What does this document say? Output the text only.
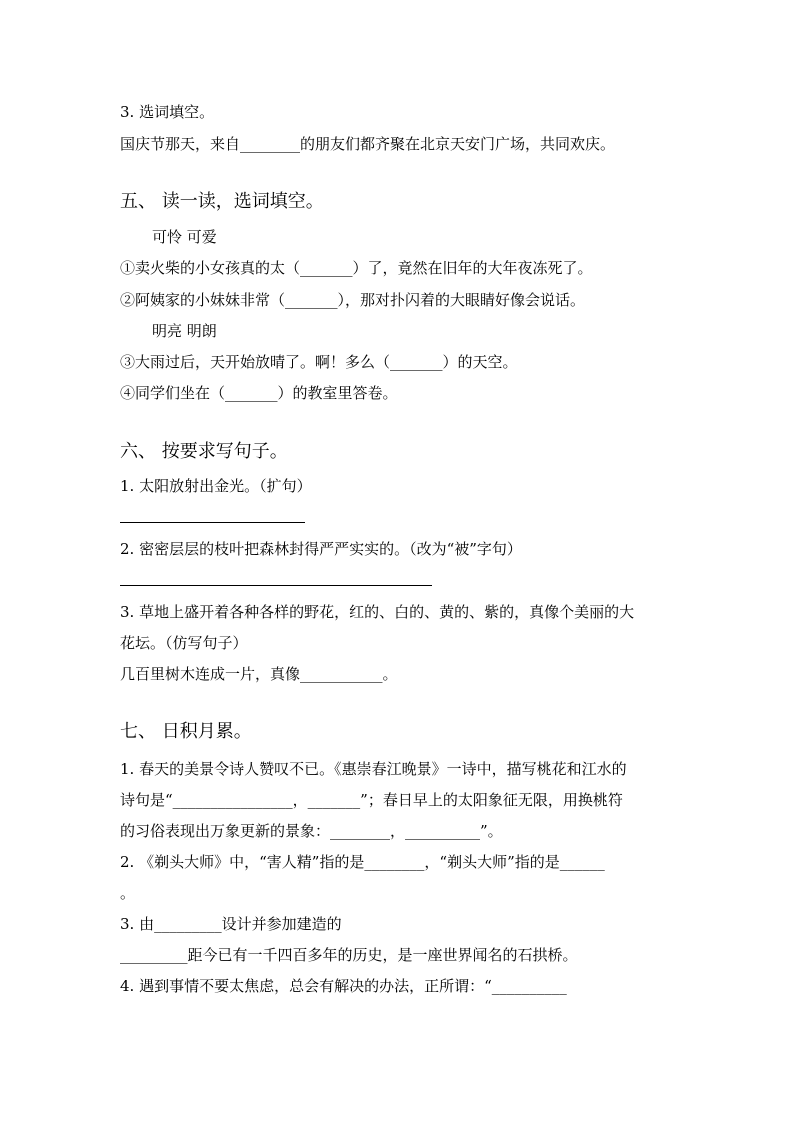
3. 选词填空。
国庆节那天，来自________的朋友们都齐聚在北京天安门广场，共同欢庆。
五、 读一读，选词填空。
可怜 可爱
①卖火柴的小女孩真的太（_______）了，竟然在旧年的大年夜冻死了。
②阿姨家的小妹妹非常（_______），那对扑闪着的大眼睛好像会说话。
明亮 明朗
③大雨过后，天开始放晴了。啊！多么（_______）的天空。
④同学们坐在（_______）的教室里答卷。
六、 按要求写句子。
1. 太阳放射出金光。（扩句）
2. 密密层层的枝叶把森林封得严严实实的。（改为“被”字句）
3. 草地上盛开着各种各样的野花，红的、白的、黄的、紫的，真像个美丽的大
花坛。（仿写句子）
几百里树木连成一片，真像___________。
七、 日积月累。
1. 春天的美景令诗人赞叹不已。《惠崇春江晚景》一诗中，描写桃花和江水的
诗句是“________________，_______”；春日早上的太阳象征无限，用换桃符
的习俗表现出万象更新的景象：________，__________”。
2. 《剃头大师》中，“害人精”指的是________，“剃头大师”指的是______
。
3. 由_________设计并参加建造的
_________距今已有一千四百多年的历史，是一座世界闻名的石拱桥。
4. 遇到事情不要太焦虑，总会有解决的办法，正所谓：“__________
